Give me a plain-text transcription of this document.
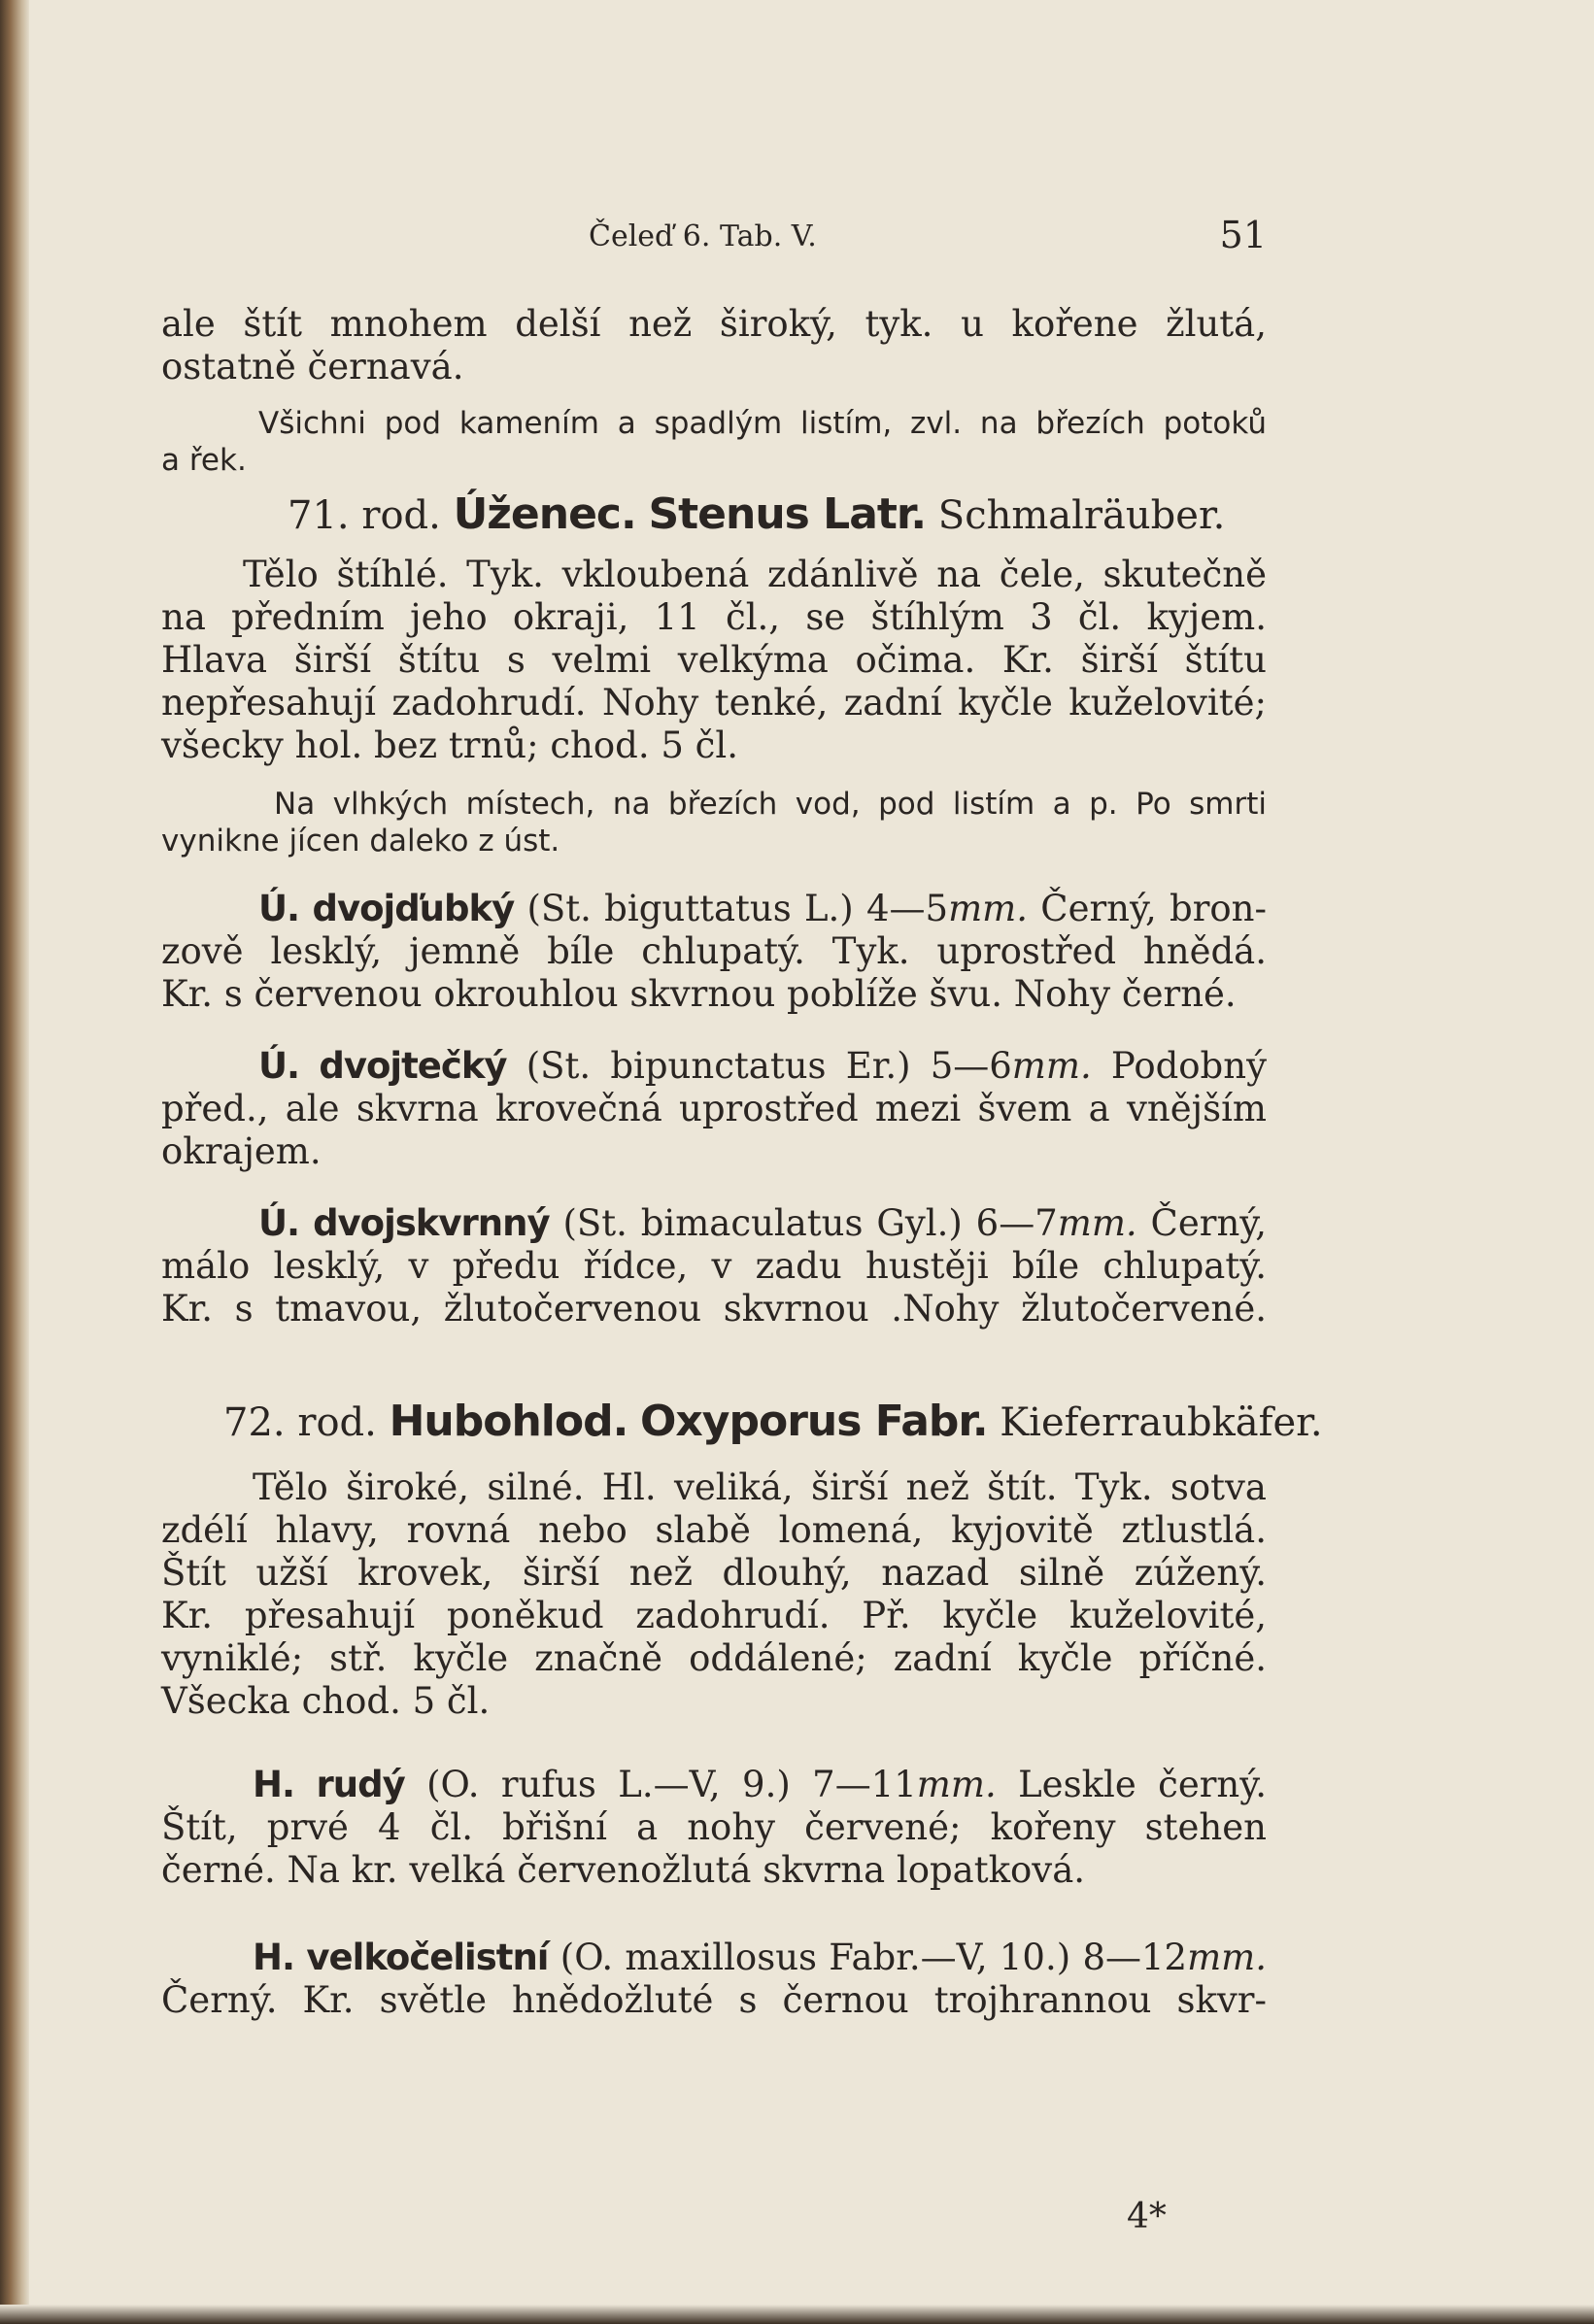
Čeleď 6. Tab. V.	51
ale štít mnohem delší než široký, tyk. u kořene žlutá,
ostatně černavá.
Všichni pod kamením a spadlým listím, zvl. na březích potoků
a řek.
71. rod. Úženec. Stenus Latr. Schmalräuber.
Tělo štíhlé. Tyk. vkloubená zdánlivě na čele, skutečně
na předním jeho okraji, 11 čl., se štíhlým 3 čl. kyjem.
Hlava širší štítu s velmi velkýma očima. Kr. širší štítu
nepřesahují zadohrudí. Nohy tenké, zadní kyčle kuželovité;
všecky hol. bez trnů; chod. 5 čl.
Na vlhkých místech, na březích vod, pod listím a p. Po smrti
vynikne jícen daleko z úst.
Ú. dvojďubký (St. biguttatus L.) 4—5mm. Černý, bron-
zově lesklý, jemně bíle chlupatý. Tyk. uprostřed hnědá.
Kr. s červenou okrouhlou skvrnou poblíže švu. Nohy černé.
Ú. dvojtečký (St. bipunctatus Er.) 5—6mm. Podobný
před., ale skvrna krovečná uprostřed mezi švem a vnějším
okrajem.
Ú. dvojskvrnný (St. bimaculatus Gyl.) 6—7mm. Černý,
málo lesklý, v předu řídce, v zadu hustěji bíle chlupatý.
Kr. s tmavou, žlutočervenou skvrnou .Nohy žlutočervené.
72. rod. Hubohlod. Oxyporus Fabr. Kieferraubkäfer.
Tělo široké, silné. Hl. veliká, širší než štít. Tyk. sotva
zdélí hlavy, rovná nebo slabě lomená, kyjovitě ztlustlá.
Štít užší krovek, širší než dlouhý, nazad silně zúžený.
Kr. přesahují poněkud zadohrudí. Př. kyčle kuželovité,
vyniklé; stř. kyčle značně oddálené; zadní kyčle příčné.
Všecka chod. 5 čl.
H. rudý (O. rufus L.—V, 9.) 7—11mm. Leskle černý.
Štít, prvé 4 čl. břišní a nohy červené; kořeny stehen
černé. Na kr. velká červenožlutá skvrna lopatková.
H. velkočelistní (O. maxillosus Fabr.—V, 10.) 8—12mm.
Černý. Kr. světle hnědožluté s černou trojhrannou skvr-
4*
